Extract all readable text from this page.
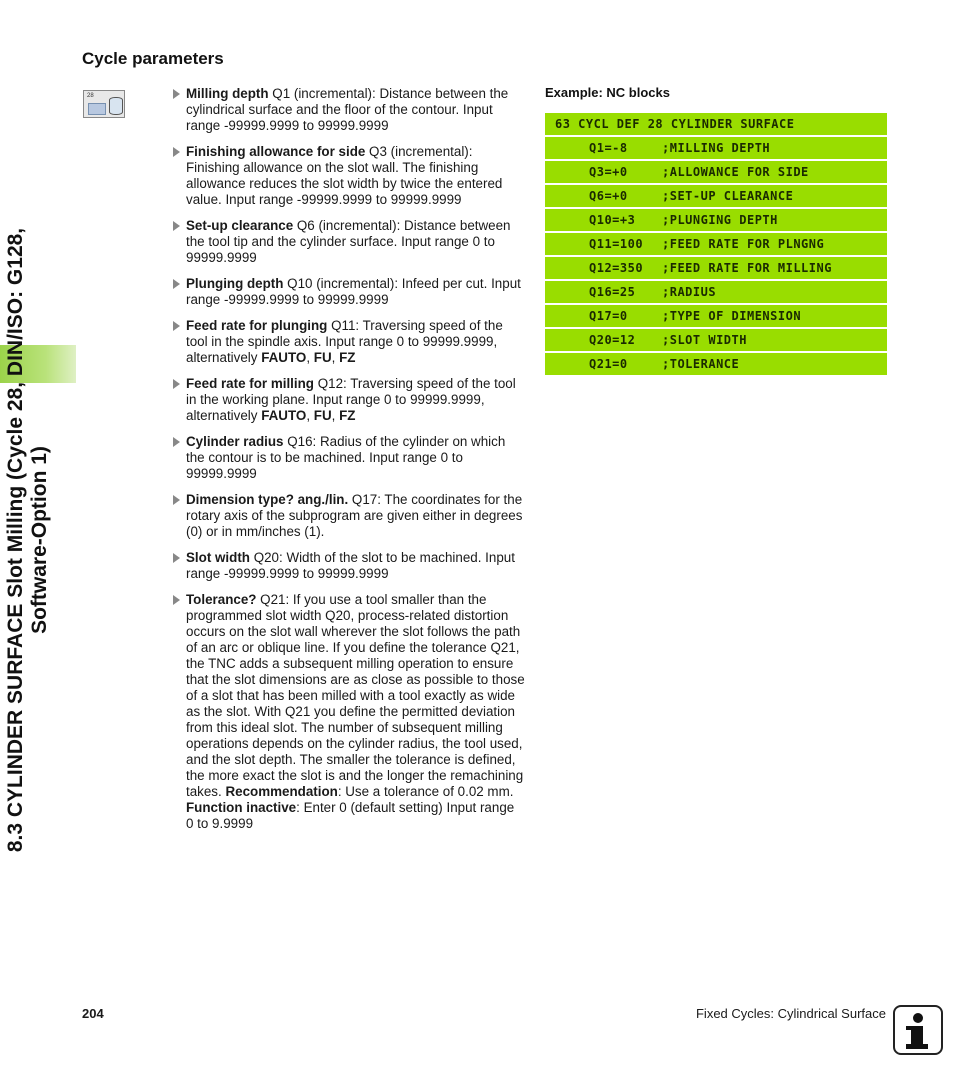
8.3 CYLINDER SURFACE Slot Milling (Cycle 28, DIN/ISO: G128, Software-Option 1)
Cycle parameters
28	Milling depth Q1 (incremental): Distance between the cylindrical surface and the floor of the contour. Input range -99999.9999 to 99999.9999
Finishing allowance for side Q3 (incremental): Finishing allowance on the slot wall. The finishing allowance reduces the slot width by twice the entered value. Input range -99999.9999 to 99999.9999
Set-up clearance Q6 (incremental): Distance between the tool tip and the cylinder surface. Input range 0 to 99999.9999
Plunging depth Q10 (incremental): Infeed per cut. Input range -99999.9999 to 99999.9999
Feed rate for plunging Q11: Traversing speed of the tool in the spindle axis. Input range 0 to 99999.9999, alternatively FAUTO, FU, FZ
Feed rate for milling Q12: Traversing speed of the tool in the working plane. Input range 0 to 99999.9999, alternatively FAUTO, FU, FZ
Cylinder radius Q16: Radius of the cylinder on which the contour is to be machined. Input range 0 to 99999.9999
Dimension type? ang./lin. Q17: The coordinates for the rotary axis of the subprogram are given either in degrees (0) or in mm/inches (1).
Slot width Q20: Width of the slot to be machined. Input range -99999.9999 to 99999.9999
Tolerance? Q21: If you use a tool smaller than the programmed slot width Q20, process-related distortion occurs on the slot wall wherever the slot follows the path of an arc or oblique line. If you define the tolerance Q21, the TNC adds a subsequent milling operation to ensure that the slot dimensions are as close as possible to those of a slot that has been milled with a tool exactly as wide as the slot. With Q21 you define the permitted deviation from this ideal slot. The number of subsequent milling operations depends on the cylinder radius, the tool used, and the slot depth. The smaller the tolerance is defined, the more exact the slot is and the longer the remachining takes. Recommendation: Use a tolerance of 0.02 mm. Function inactive: Enter 0 (default setting) Input range 0 to 9.9999
Example: NC blocks
63 CYCL DEF 28 CYLINDER SURFACE
Q1=-8	;MILLING DEPTH
Q3=+0	;ALLOWANCE FOR SIDE
Q6=+0	;SET-UP CLEARANCE
Q10=+3 ;PLUNGING DEPTH
Q11=100 ;FEED RATE FOR PLNGNG
Q12=350 ;FEED RATE FOR MILLING
Q16=25 ;RADIUS
Q17=0	;TYPE OF DIMENSION
Q20=12 ;SLOT WIDTH
Q21=0	;TOLERANCE
204	Fixed Cycles: Cylindrical Surface
